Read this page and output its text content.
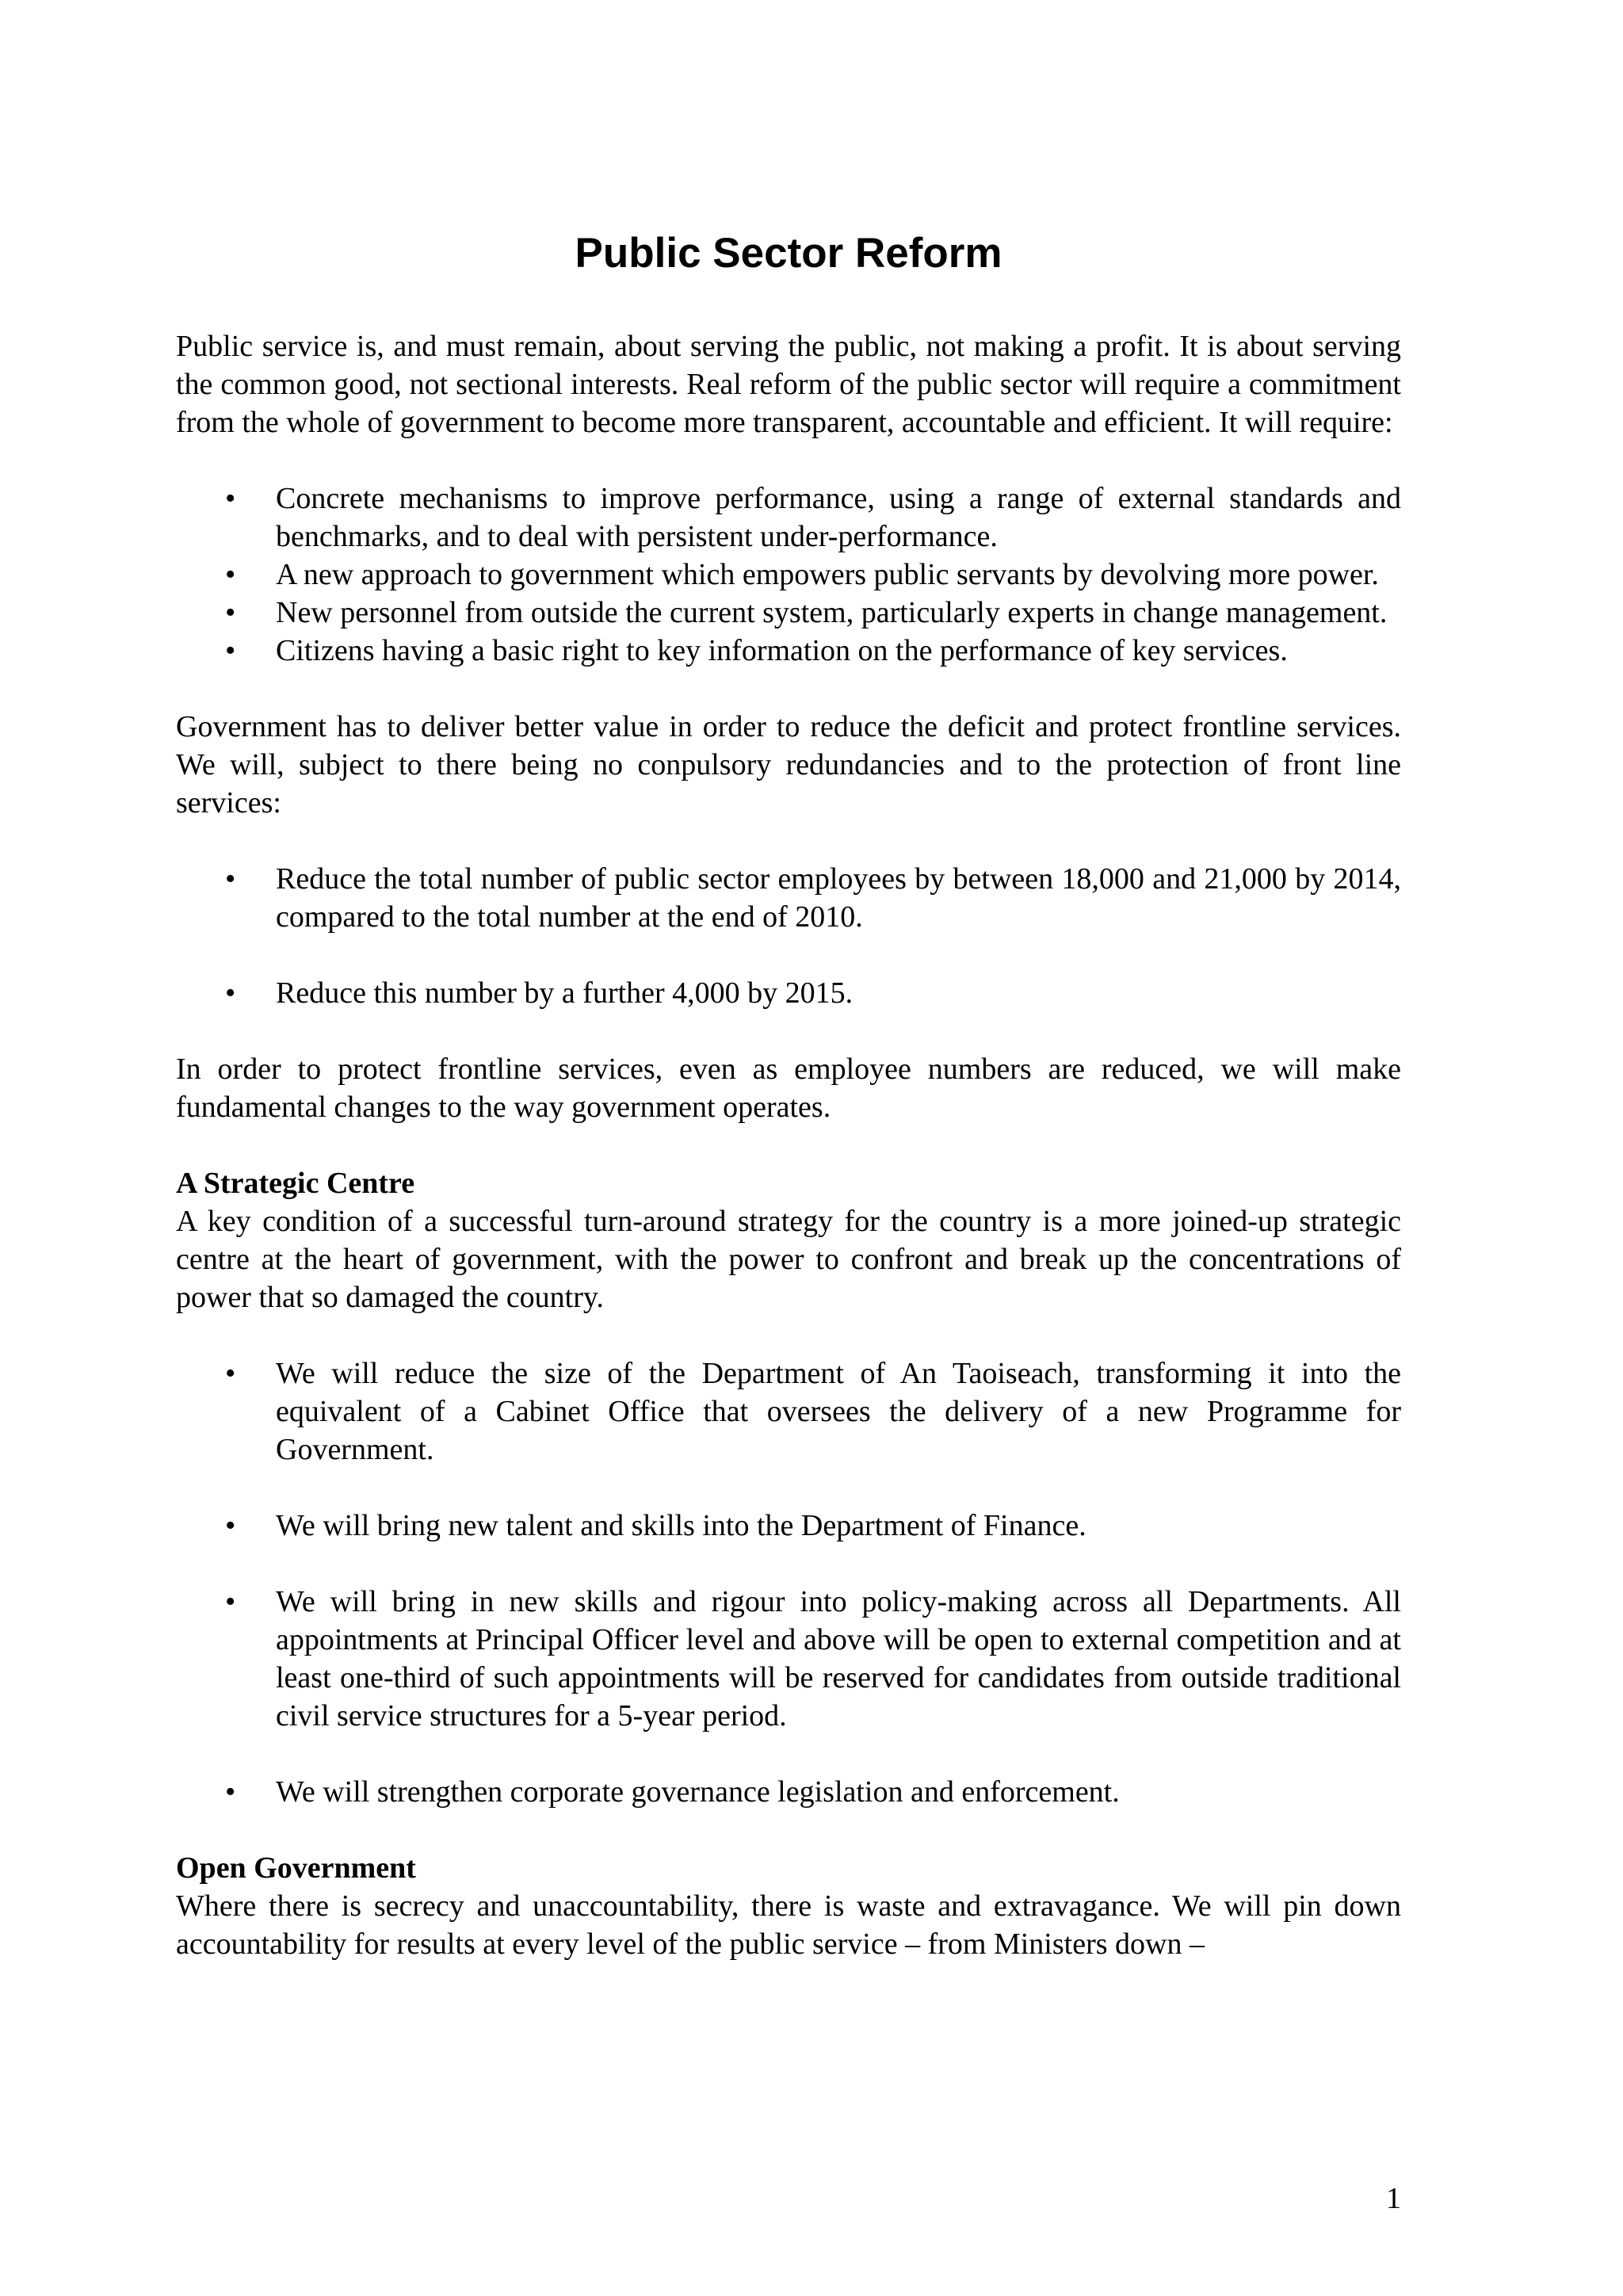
Public Sector Reform

Public service is, and must remain, about serving the public, not making a profit. It is about serving the common good, not sectional interests. Real reform of the public sector will require a commitment from the whole of government to become more transparent, accountable and efficient. It will require:

•	Concrete mechanisms to improve performance, using a range of external standards and benchmarks, and to deal with persistent under-performance.
•	A new approach to government which empowers public servants by devolving more power.
•	New personnel from outside the current system, particularly experts in change management.
•	Citizens having a basic right to key information on the performance of key services.

Government has to deliver better value in order to reduce the deficit and protect frontline services. We will, subject to there being no conpulsory redundancies and to the protection of front line services:

•	Reduce the total number of public sector employees by between 18,000 and 21,000 by 2014, compared to the total number at the end of 2010.
•	Reduce this number by a further 4,000 by 2015.

In order to protect frontline services, even as employee numbers are reduced, we will make fundamental changes to the way government operates.

A Strategic Centre

A key condition of a successful turn-around strategy for the country is a more joined-up strategic centre at the heart of government, with the power to confront and break up the concentrations of power that so damaged the country.

•	We will reduce the size of the Department of An Taoiseach, transforming it into the equivalent of a Cabinet Office that oversees the delivery of a new Programme for Government.
•	We will bring new talent and skills into the Department of Finance.
•	We will bring in new skills and rigour into policy-making across all Departments. All appointments at Principal Officer level and above will be open to external competition and at least one-third of such appointments will be reserved for candidates from outside traditional civil service structures for a 5-year period.
•	We will strengthen corporate governance legislation and enforcement.
Open Government

Where there is secrecy and unaccountability, there is waste and extravagance. We will pin down accountability for results at every level of the public service – from Ministers down –

1
